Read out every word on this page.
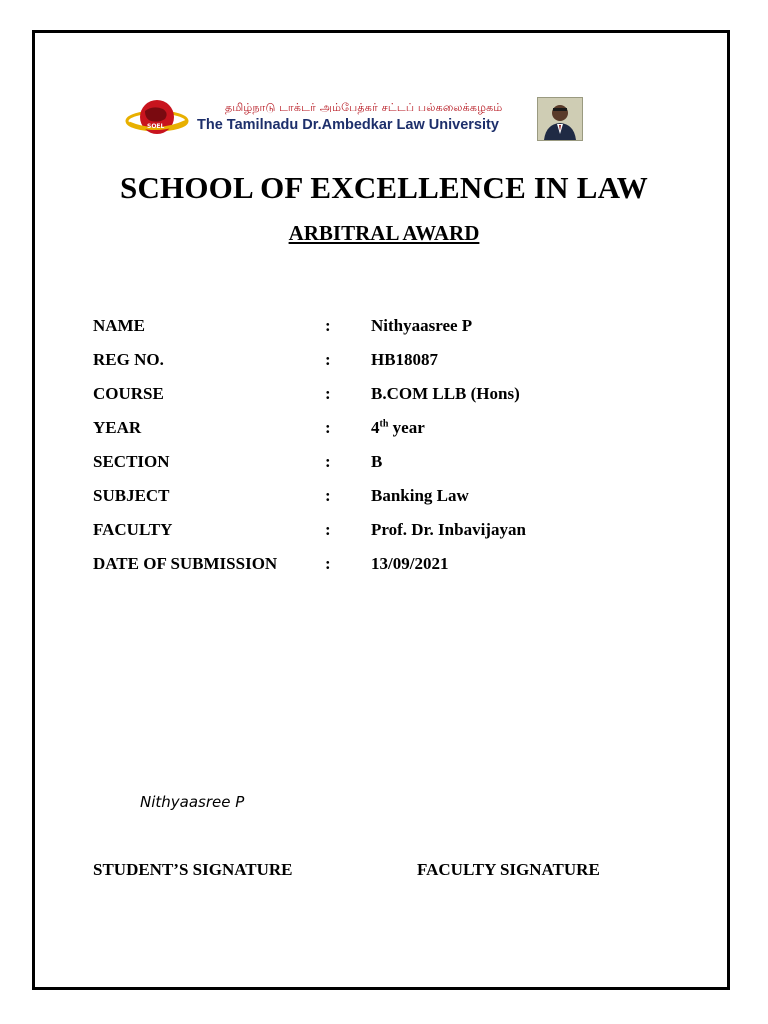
SOEL
தமிழ்நாடு டாக்டர் அம்பேத்கர் சட்டப் பல்கலைக்கழகம்
The Tamilnadu Dr.Ambedkar Law University
SCHOOL OF EXCELLENCE IN LAW
ARBITRAL AWARD
NAME	: Nithyaasree P
REG NO.	: HB18087
COURSE	: B.COM LLB (Hons)
YEAR	: 4th year
SECTION	: B
SUBJECT	: Banking Law
FACULTY	: Prof. Dr. Inbavijayan
DATE OF SUBMISSION	: 13/09/2021
Nithyaasree P
STUDENT’S SIGNATURE	FACULTY SIGNATURE
